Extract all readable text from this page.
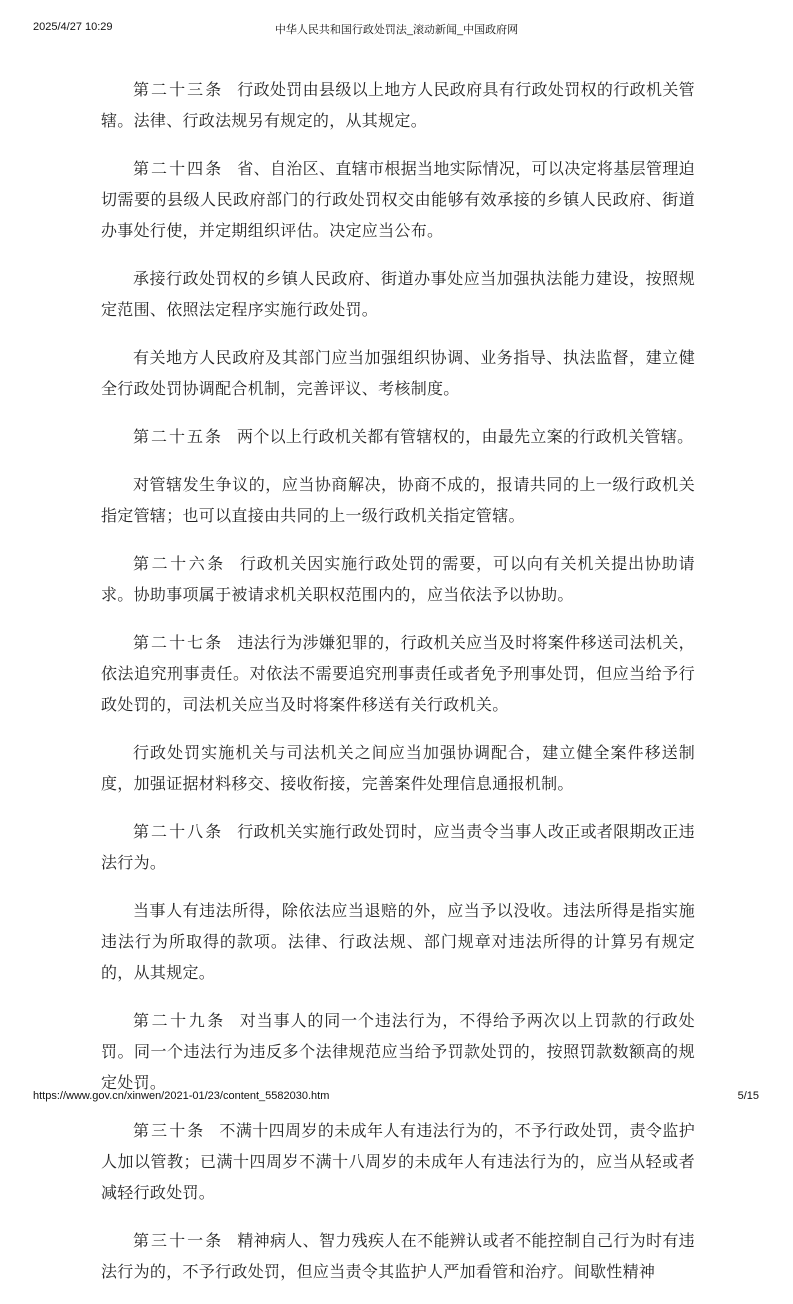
2025/4/27 10:29	中华人民共和国行政处罚法_滚动新闻_中国政府网

第二十三条 行政处罚由县级以上地方人民政府具有行政处罚权的行政机关管辖。法律、行政法规另有规定的，从其规定。

第二十四条 省、自治区、直辖市根据当地实际情况，可以决定将基层管理迫切需要的县级人民政府部门的行政处罚权交由能够有效承接的乡镇人民政府、街道办事处行使，并定期组织评估。决定应当公布。

承接行政处罚权的乡镇人民政府、街道办事处应当加强执法能力建设，按照规定范围、依照法定程序实施行政处罚。

有关地方人民政府及其部门应当加强组织协调、业务指导、执法监督，建立健全行政处罚协调配合机制，完善评议、考核制度。

第二十五条 两个以上行政机关都有管辖权的，由最先立案的行政机关管辖。

对管辖发生争议的，应当协商解决，协商不成的，报请共同的上一级行政机关指定管辖；也可以直接由共同的上一级行政机关指定管辖。

第二十六条 行政机关因实施行政处罚的需要，可以向有关机关提出协助请求。协助事项属于被请求机关职权范围内的，应当依法予以协助。

第二十七条 违法行为涉嫌犯罪的，行政机关应当及时将案件移送司法机关，依法追究刑事责任。对依法不需要追究刑事责任或者免予刑事处罚，但应当给予行政处罚的，司法机关应当及时将案件移送有关行政机关。

行政处罚实施机关与司法机关之间应当加强协调配合，建立健全案件移送制度，加强证据材料移交、接收衔接，完善案件处理信息通报机制。

第二十八条 行政机关实施行政处罚时，应当责令当事人改正或者限期改正违法行为。

当事人有违法所得，除依法应当退赔的外，应当予以没收。违法所得是指实施违法行为所取得的款项。法律、行政法规、部门规章对违法所得的计算另有规定的，从其规定。

第二十九条 对当事人的同一个违法行为，不得给予两次以上罚款的行政处罚。同一个违法行为违反多个法律规范应当给予罚款处罚的，按照罚款数额高的规定处罚。

第三十条 不满十四周岁的未成年人有违法行为的，不予行政处罚，责令监护人加以管教；已满十四周岁不满十八周岁的未成年人有违法行为的，应当从轻或者减轻行政处罚。

第三十一条 精神病人、智力残疾人在不能辨认或者不能控制自己行为时有违法行为的，不予行政处罚，但应当责令其监护人严加看管和治疗。间歇性精神

https://www.gov.cn/xinwen/2021-01/23/content_5582030.htm	5/15
